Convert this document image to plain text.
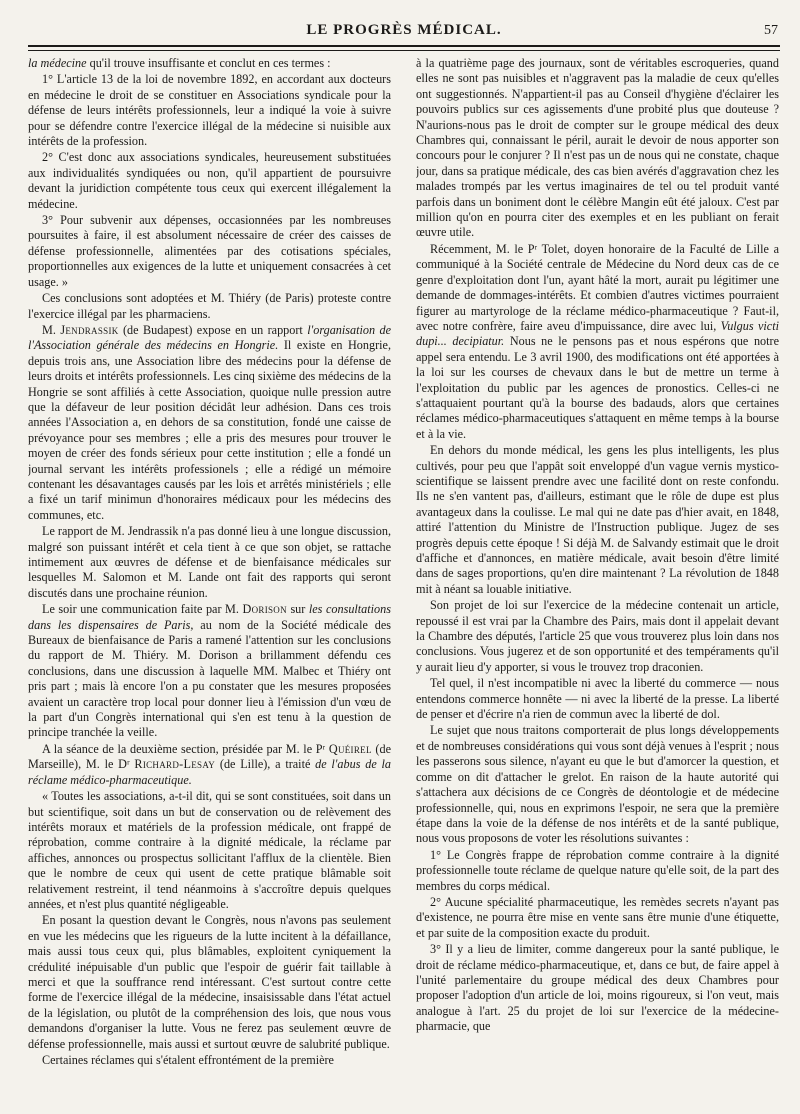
LE PROGRÈS MÉDICAL.	57

la médecine qu'il trouve insuffisante et conclut en ces termes :

1° L'article 13 de la loi de novembre 1892, en accordant aux docteurs en médecine le droit de se constituer en Associations syndicale pour la défense de leurs intérêts professionnels, leur a indiqué la voie à suivre pour se défendre contre l'exercice illégal de la médecine si nuisible aux intérêts de la profession.

2° C'est donc aux associations syndicales, heureusement substituées aux individualités syndiquées ou non, qu'il appartient de poursuivre devant la juridiction compétente tous ceux qui exercent illégalement la médecine.

3° Pour subvenir aux dépenses, occasionnées par les nombreuses poursuites à faire, il est absolument nécessaire de créer des caisses de défense professionnelle, alimentées par des cotisations spéciales, proportionnelles aux exigences de la lutte et uniquement consacrées à cet usage. »

Ces conclusions sont adoptées et M. Thiéry (de Paris) proteste contre l'exercice illégal par les pharmaciens.

M. Jendrassik (de Budapest) expose en un rapport l'organisation de l'Association générale des médecins en Hongrie. Il existe en Hongrie, depuis trois ans, une Association libre des médecins pour la défense de leurs droits et intérêts professionnels. Les cinq sixième des médecins de la Hongrie se sont affiliés à cette Association, quoique nulle pression autre que la défaveur de leur position décidât leur adhésion. Dans ces trois années l'Association a, en dehors de sa constitution, fondé une caisse de prévoyance pour ses membres ; elle a pris des mesures pour trouver le moyen de créer des fonds sérieux pour cette institution ; elle a fondé un journal servant les intérêts professionels ; elle a rédigé un mémoire contenant les désavantages causés par les lois et arrêtés ministériels ; elle a fixé un tarif minimun d'honoraires médicaux pour les médecins des communes, etc.

Le rapport de M. Jendrassik n'a pas donné lieu à une longue discussion, malgré son puissant intérêt et cela tient à ce que son objet, se rattache intimement aux œuvres de défense et de bienfaisance médicales sur lesquelles M. Salomon et M. Lande ont fait des rapports qui seront discutés dans une prochaine réunion.

Le soir une communication faite par M. Dorison sur les consultations dans les dispensaires de Paris, au nom de la Société médicale des Bureaux de bienfaisance de Paris a ramené l'attention sur les conclusions du rapport de M. Thiéry. M. Dorison a brillamment défendu ces conclusions, dans une discussion à laquelle MM. Malbec et Thiéry ont pris part ; mais là encore l'on a pu constater que les mesures proposées avaient un caractère trop local pour donner lieu à l'émission d'un vœu de la part d'un Congrès international qui s'en est tenu à la question de principe tranchée la veille.

A la séance de la deuxième section, présidée par M. le Pʳ Quéirel (de Marseille), M. le Dʳ Richard-Lesay (de Lille), a traité de l'abus de la réclame médico-pharmaceutique.

« Toutes les associations, a-t-il dit, qui se sont constituées, soit dans un but scientifique, soit dans un but de conservation ou de relèvement des intérêts moraux et matériels de la profession médicale, ont frappé de réprobation, comme contraire à la dignité médicale, la réclame par affiches, annonces ou prospectus sollicitant l'afflux de la clientèle. Bien que le nombre de ceux qui usent de cette pratique blâmable soit relativement restreint, il tend néanmoins à s'accroître depuis quelques années, et n'est plus quantité négligeable.

En posant la question devant le Congrès, nous n'avons pas seulement en vue les médecins que les rigueurs de la lutte incitent à la défaillance, mais aussi tous ceux qui, plus blâmables, exploitent cyniquement la crédulité inépuisable d'un public que l'espoir de guérir fait taillable à merci et que la souffrance rend intéressant. C'est surtout contre cette forme de l'exercice illégal de la médecine, insaisissable dans l'état actuel de la législation, ou plutôt de la compréhension des lois, que nous vous demandons d'organiser la lutte. Vous ne ferez pas seulement œuvre de défense professionnelle, mais aussi et surtout œuvre de salubrité publique.

Certaines réclames qui s'étalent effrontément de la première

à la quatrième page des journaux, sont de véritables escroqueries, quand elles ne sont pas nuisibles et n'aggravent pas la maladie de ceux qu'elles ont suggestionnés. N'appartient-il pas au Conseil d'hygiène d'éclairer les pouvoirs publics sur ces agissements d'une probité plus que douteuse ? N'aurions-nous pas le droit de compter sur le groupe médical des deux Chambres qui, connaissant le péril, aurait le devoir de nous apporter son concours pour le conjurer ? Il n'est pas un de nous qui ne constate, chaque jour, dans sa pratique médicale, des cas bien avérés d'aggravation chez les malades trompés par les vertus imaginaires de tel ou tel produit vanté parfois dans un boniment dont le célèbre Mangin eût été jaloux. C'est par million qu'on en pourra citer des exemples et en les publiant on ferait œuvre utile.

Récemment, M. le Pʳ Tolet, doyen honoraire de la Faculté de Lille a communiqué à la Société centrale de Médecine du Nord deux cas de ce genre d'exploitation dont l'un, ayant hâté la mort, aurait pu légitimer une demande de dommages-intérêts. Et combien d'autres victimes pourraient figurer au martyrologe de la réclame médico-pharmaceutique ? Faut-il, avec notre confrère, faire aveu d'impuissance, dire avec lui, Vulgus victi dupi... decipiatur. Nous ne le pensons pas et nous espérons que notre appel sera entendu. Le 3 avril 1900, des modifications ont été apportées à la loi sur les courses de chevaux dans le but de mettre un terme à l'exploitation du public par les agences de pronostics. Celles-ci ne s'attaquaient pourtant qu'à la bourse des badauds, alors que certaines réclames médico-pharmaceutiques s'attaquent en même temps à la bourse et à la vie.

En dehors du monde médical, les gens les plus intelligents, les plus cultivés, pour peu que l'appât soit enveloppé d'un vague vernis mystico-scientifique se laissent prendre avec une facilité dont on reste confondu. Ils ne s'en vantent pas, d'ailleurs, estimant que le rôle de dupe est plus avantageux dans la coulisse. Le mal qui ne date pas d'hier avait, en 1848, attiré l'attention du Ministre de l'Instruction publique. Jugez de ses progrès depuis cette époque ! Si déjà M. de Salvandy estimait que le droit d'affiche et d'annonces, en matière médicale, avait besoin d'être limité dans de sages proportions, qu'en dire maintenant ? La révolution de 1848 mit à néant sa louable initiative.

Son projet de loi sur l'exercice de la médecine contenait un article, repoussé il est vrai par la Chambre des Pairs, mais dont il appelait devant la Chambre des députés, l'article 25 que vous trouverez plus loin dans nos conclusions. Vous jugerez et de son opportunité et des tempéraments qu'il y aurait lieu d'y apporter, si vous le trouvez trop draconien.

Tel quel, il n'est incompatible ni avec la liberté du commerce — nous entendons commerce honnête — ni avec la liberté de la presse. La liberté de penser et d'écrire n'a rien de commun avec la liberté de dol.

Le sujet que nous traitons comporterait de plus longs développements et de nombreuses considérations qui vous sont déjà venues à l'esprit ; nous les passerons sous silence, n'ayant eu que le but d'amorcer la question, et comme on dit d'attacher le grelot. En raison de la haute autorité qui s'attachera aux décisions de ce Congrès de déontologie et de médecine professionnelle, qui, nous en exprimons l'espoir, ne sera que la première étape dans la voie de la défense de nos intérêts et de la santé publique, nous vous proposons de voter les résolutions suivantes :

1° Le Congrès frappe de réprobation comme contraire à la dignité professionnelle toute réclame de quelque nature qu'elle soit, de la part des membres du corps médical.

2° Aucune spécialité pharmaceutique, les remèdes secrets n'ayant pas d'existence, ne pourra être mise en vente sans être munie d'une étiquette, et par suite de la composition exacte du produit.

3° Il y a lieu de limiter, comme dangereux pour la santé publique, le droit de réclame médico-pharmaceutique, et, dans ce but, de faire appel à l'unité parlementaire du groupe médical des deux Chambres pour proposer l'adoption d'un article de loi, moins rigoureux, si l'on veut, mais analogue à l'art. 25 du projet de loi sur l'exercice de la médecine-pharmacie, que
